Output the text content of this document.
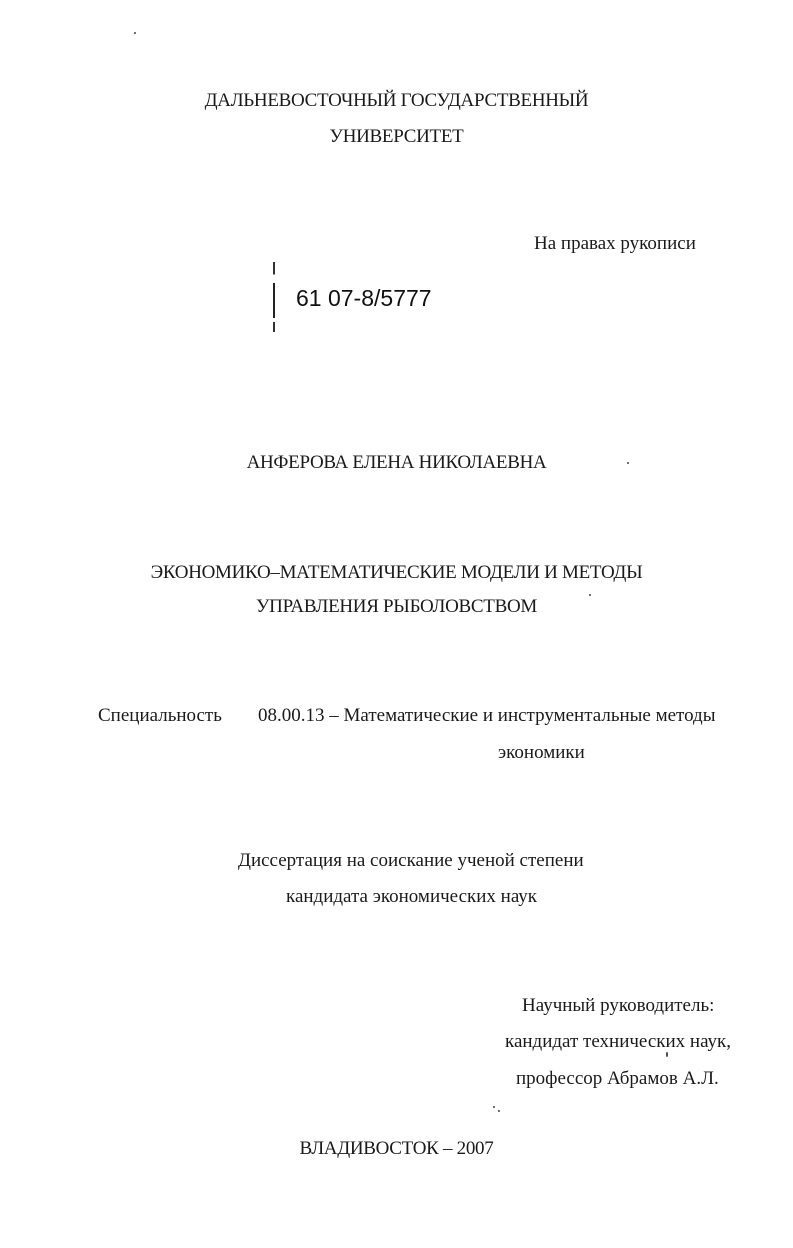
ДАЛЬНЕВОСТОЧНЫЙ ГОСУДАРСТВЕННЫЙ
УНИВЕРСИТЕТ
На правах рукописи
61 07-8/5777
АНФЕРОВА ЕЛЕНА НИКОЛАЕВНА
ЭКОНОМИКО–МАТЕМАТИЧЕСКИЕ МОДЕЛИ И МЕТОДЫ
УПРАВЛЕНИЯ РЫБОЛОВСТВОМ
Специальность 08.00.13 – Математические и инструментальные методы
экономики
Диссертация на соискание ученой степени
кандидата экономических наук
Научный руководитель:
кандидат технических наук,
профессор Абрамов А.Л.
ВЛАДИВОСТОК – 2007
